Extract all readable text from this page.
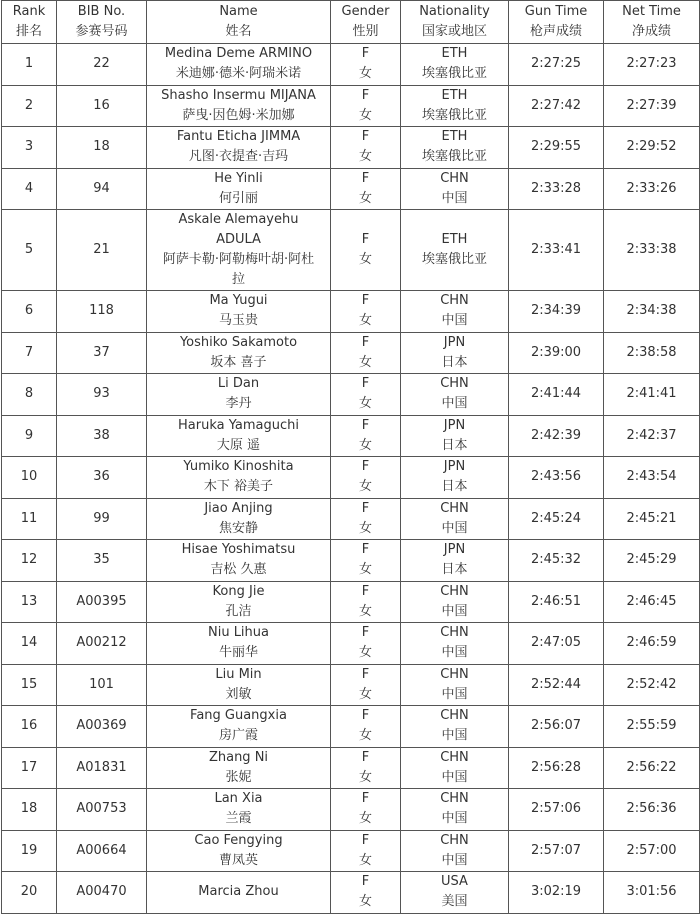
Rank
排名	BIB No.
参赛号码	Name
姓名	Gender
性别	Nationality
国家或地区	Gun Time
枪声成绩	Net Time
净成绩

1	22	Medina Deme ARMINO
米迪娜·德米·阿瑞米诺	F
女	ETH
埃塞俄比亚	2:27:25	2:27:23

2	16	Shasho Insermu MIJANA
萨曳·因色姆·米加娜	F
女	ETH
埃塞俄比亚	2:27:42	2:27:39

3	18	Fantu Eticha JIMMA
凡图·衣提查·吉玛	F
女	ETH
埃塞俄比亚	2:29:55	2:29:52

4	94	He Yinli
何引丽	F
女	CHN
中国	2:33:28	2:33:26

5	21	Askale Alemayehu
ADULA
阿萨卡勒·阿勒梅叶胡·阿杜
拉	F
女	ETH
埃塞俄比亚	2:33:41	2:33:38

6	118	Ma Yugui
马玉贵	F
女	CHN
中国	2:34:39	2:34:38

7	37	Yoshiko Sakamoto
坂本 喜子	F
女	JPN
日本	2:39:00	2:38:58

8	93	Li Dan
李丹	F
女	CHN
中国	2:41:44	2:41:41

9	38	Haruka Yamaguchi
大原 遥	F
女	JPN
日本	2:42:39	2:42:37

10	36	Yumiko Kinoshita
木下 裕美子	F
女	JPN
日本	2:43:56	2:43:54

11	99	Jiao Anjing
焦安静	F
女	CHN
中国	2:45:24	2:45:21

12	35	Hisae Yoshimatsu
吉松 久惠	F
女	JPN
日本	2:45:32	2:45:29

13	A00395	Kong Jie
孔洁	F
女	CHN
中国	2:46:51	2:46:45

14	A00212	Niu Lihua
牛丽华	F
女	CHN
中国	2:47:05	2:46:59

15	101	Liu Min
刘敏	F
女	CHN
中国	2:52:44	2:52:42

16	A00369	Fang Guangxia
房广霞	F
女	CHN
中国	2:56:07	2:55:59

17	A01831	Zhang Ni
张妮	F
女	CHN
中国	2:56:28	2:56:22

18	A00753	Lan Xia
兰霞	F
女	CHN
中国	2:57:06	2:56:36

19	A00664	Cao Fengying
曹凤英	F
女	CHN
中国	2:57:07	2:57:00

20	A00470	Marcia Zhou	F
女	USA
美国	3:02:19	3:01:56
